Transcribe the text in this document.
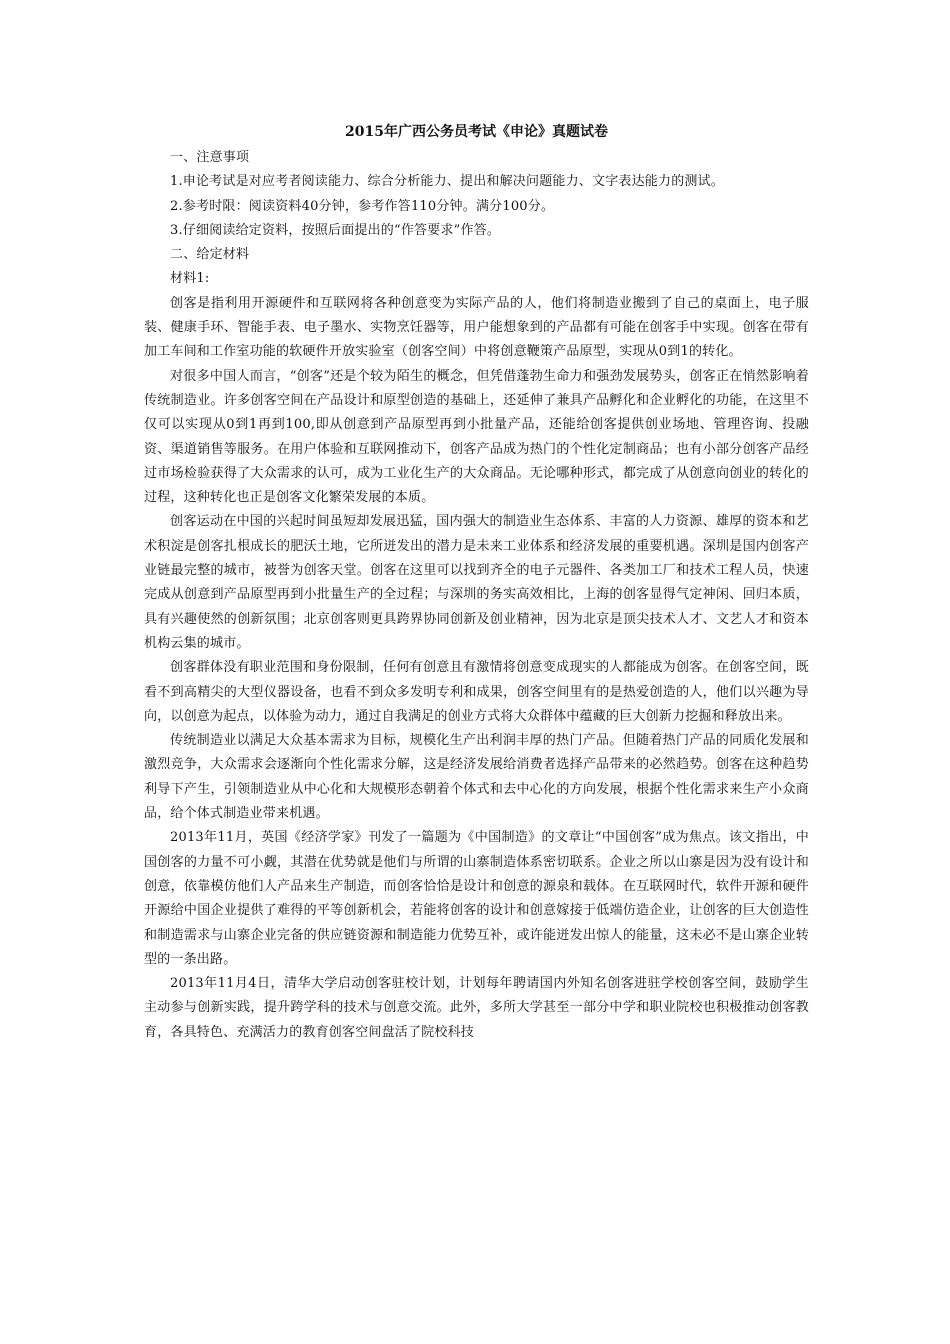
2015年广西公务员考试《申论》真题试卷

一、注意事项

1.申论考试是对应考者阅读能力、综合分析能力、提出和解决问题能力、文字表达能力的测试。

2.参考时限：阅读资料40分钟，参考作答110分钟。满分100分。

3.仔细阅读给定资料，按照后面提出的“作答要求”作答。

二、给定材料

材料1:

创客是指利用开源硬件和互联网将各种创意变为实际产品的人，他们将制造业搬到了自己的桌面上，电子服装、健康手环、智能手表、电子墨水、实物烹饪器等，用户能想象到的产品都有可能在创客手中实现。创客在带有加工车间和工作室功能的软硬件开放实验室（创客空间）中将创意鞭策产品原型，实现从0到1的转化。

对很多中国人而言，“创客”还是个较为陌生的概念，但凭借蓬勃生命力和强劲发展势头，创客正在悄然影响着传统制造业。许多创客空间在产品设计和原型创造的基础上，还延伸了兼具产品孵化和企业孵化的功能，在这里不仅可以实现从0到1再到100,即从创意到产品原型再到小批量产品，还能给创客提供创业场地、管理咨询、投融资、渠道销售等服务。在用户体验和互联网推动下，创客产品成为热门的个性化定制商品；也有小部分创客产品经过市场检验获得了大众需求的认可，成为工业化生产的大众商品。无论哪种形式，都完成了从创意向创业的转化的过程，这种转化也正是创客文化繁荣发展的本质。

创客运动在中国的兴起时间虽短却发展迅猛，国内强大的制造业生态体系、丰富的人力资源、雄厚的资本和艺术积淀是创客扎根成长的肥沃土地，它所迸发出的潜力是未来工业体系和经济发展的重要机遇。深圳是国内创客产业链最完整的城市，被誉为创客天堂。创客在这里可以找到齐全的电子元器件、各类加工厂和技术工程人员，快速完成从创意到产品原型再到小批量生产的全过程；与深圳的务实高效相比，上海的创客显得气定神闲、回归本质，具有兴趣使然的创新氛围；北京创客则更具跨界协同创新及创业精神，因为北京是顶尖技术人才、文艺人才和资本机构云集的城市。

创客群体没有职业范围和身份限制，任何有创意且有激情将创意变成现实的人都能成为创客。在创客空间，既看不到高精尖的大型仪器设备，也看不到众多发明专利和成果，创客空间里有的是热爱创造的人，他们以兴趣为导向，以创意为起点，以体验为动力，通过自我满足的创业方式将大众群体中蕴藏的巨大创新力挖掘和释放出来。

传统制造业以满足大众基本需求为目标，规模化生产出利润丰厚的热门产品。但随着热门产品的同质化发展和激烈竞争，大众需求会逐渐向个性化需求分解，这是经济发展给消费者选择产品带来的必然趋势。创客在这种趋势利导下产生，引领制造业从中心化和大规模形态朝着个体式和去中心化的方向发展，根据个性化需求来生产小众商品，给个体式制造业带来机遇。

2013年11月，英国《经济学家》刊发了一篇题为《中国制造》的文章让“中国创客”成为焦点。该文指出，中国创客的力量不可小觑，其潜在优势就是他们与所谓的山寨制造体系密切联系。企业之所以山寨是因为没有设计和创意，依靠模仿他们人产品来生产制造，而创客恰恰是设计和创意的源泉和载体。在互联网时代，软件开源和硬件开源给中国企业提供了难得的平等创新机会，若能将创客的设计和创意嫁接于低端仿造企业，让创客的巨大创造性和制造需求与山寨企业完备的供应链资源和制造能力优势互补，或许能迸发出惊人的能量，这未必不是山寨企业转型的一条出路。

2013年11月4日，清华大学启动创客驻校计划，计划每年聘请国内外知名创客进驻学校创客空间，鼓励学生主动参与创新实践，提升跨学科的技术与创意交流。此外，多所大学甚至一部分中学和职业院校也积极推动创客教育，各具特色、充满活力的教育创客空间盘活了院校科技
